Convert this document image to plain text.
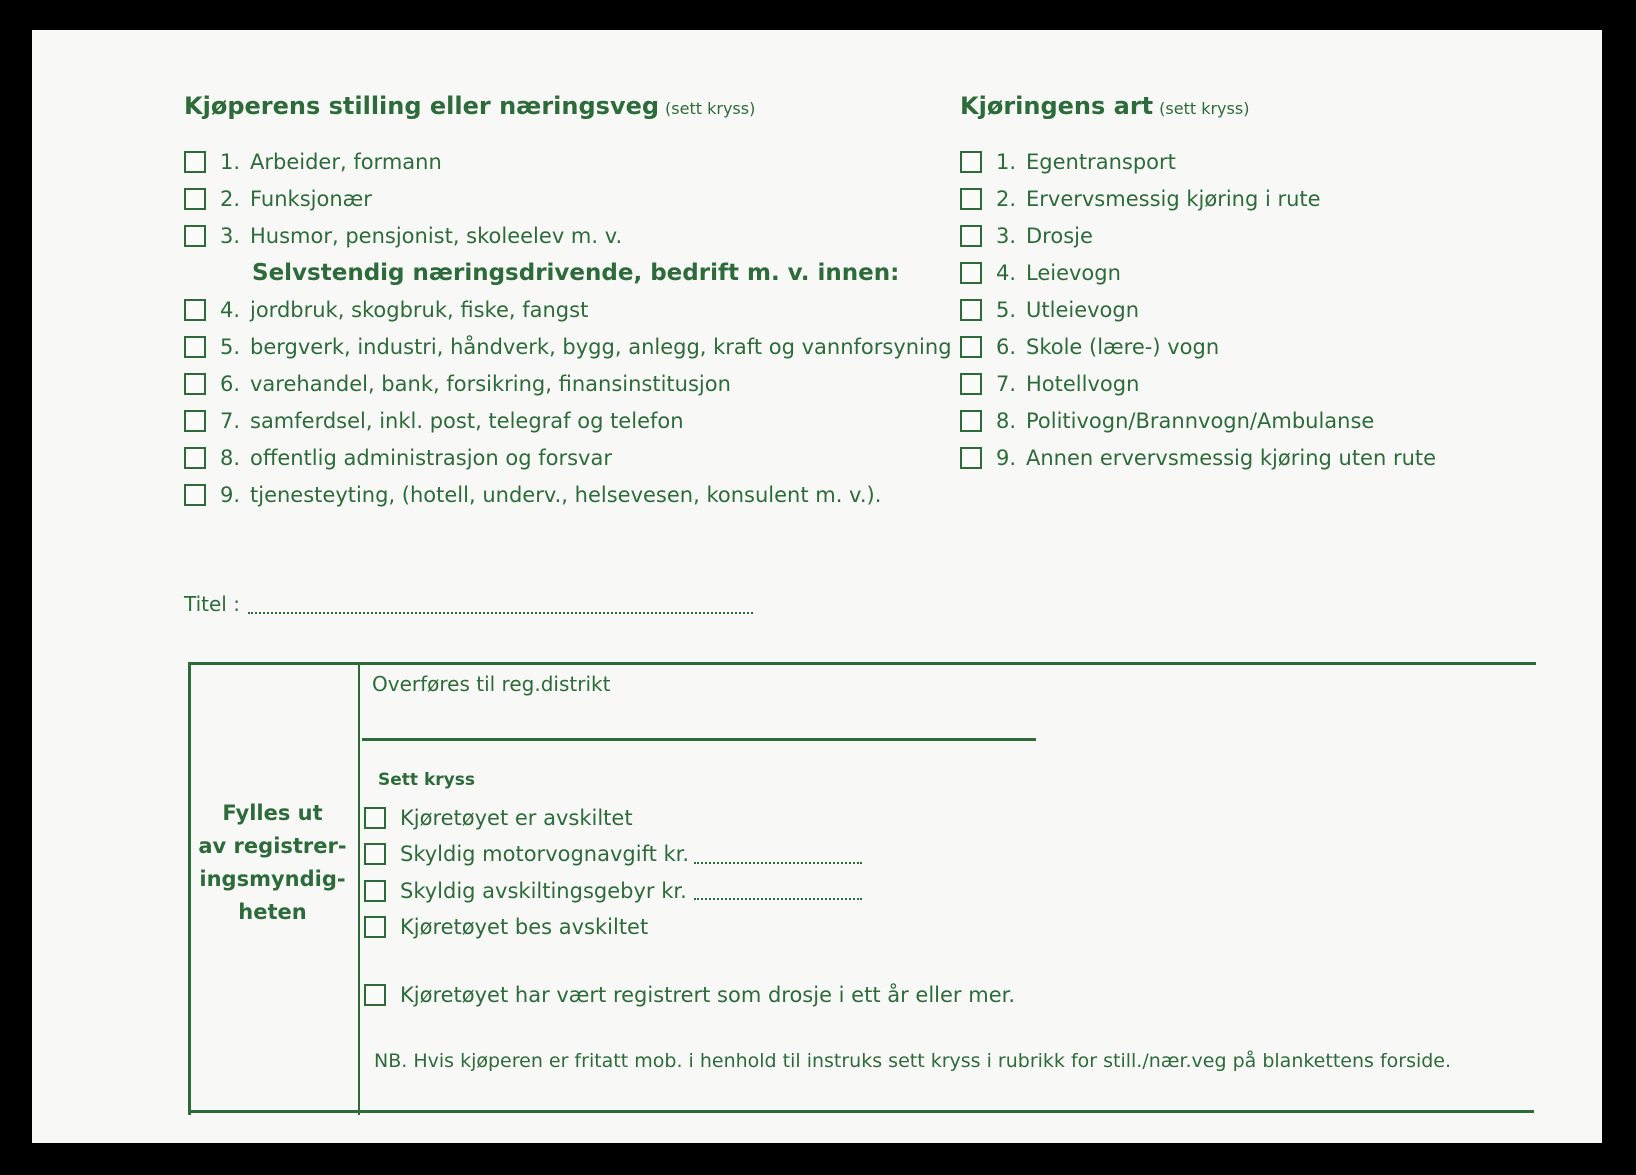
Kjøperens stilling eller næringsveg (sett kryss)	Kjøringens art (sett kryss)
1. Arbeider, formann
2. Funksjonær
3. Husmor, pensjonist, skoleelev m. v.
Selvstendig næringsdrivende, bedrift m. v. innen:
4. jordbruk, skogbruk, fiske, fangst
5. bergverk, industri, håndverk, bygg, anlegg, kraft og vannforsyning
6. varehandel, bank, forsikring, finansinstitusjon
7. samferdsel, inkl. post, telegraf og telefon
8. offentlig administrasjon og forsvar
9. tjenesteyting, (hotell, underv., helsevesen, konsulent m. v.).
1. Egentransport
2. Ervervsmessig kjøring i rute
3. Drosje
4. Leievogn
5. Utleievogn
6. Skole (lære-) vogn
7. Hotellvogn
8. Politivogn/Brannvogn/Ambulanse
9. Annen ervervsmessig kjøring uten rute
Titel :
Fylles ut
av registrer-
ingsmyndig-
heten
Overføres til reg.distrikt
Sett kryss
Kjøretøyet er avskiltet
Skyldig motorvognavgift kr.
Skyldig avskiltingsgebyr kr.
Kjøretøyet bes avskiltet
Kjøretøyet har vært registrert som drosje i ett år eller mer.
NB. Hvis kjøperen er fritatt mob. i henhold til instruks sett kryss i rubrikk for still./nær.veg på blankettens forside.
